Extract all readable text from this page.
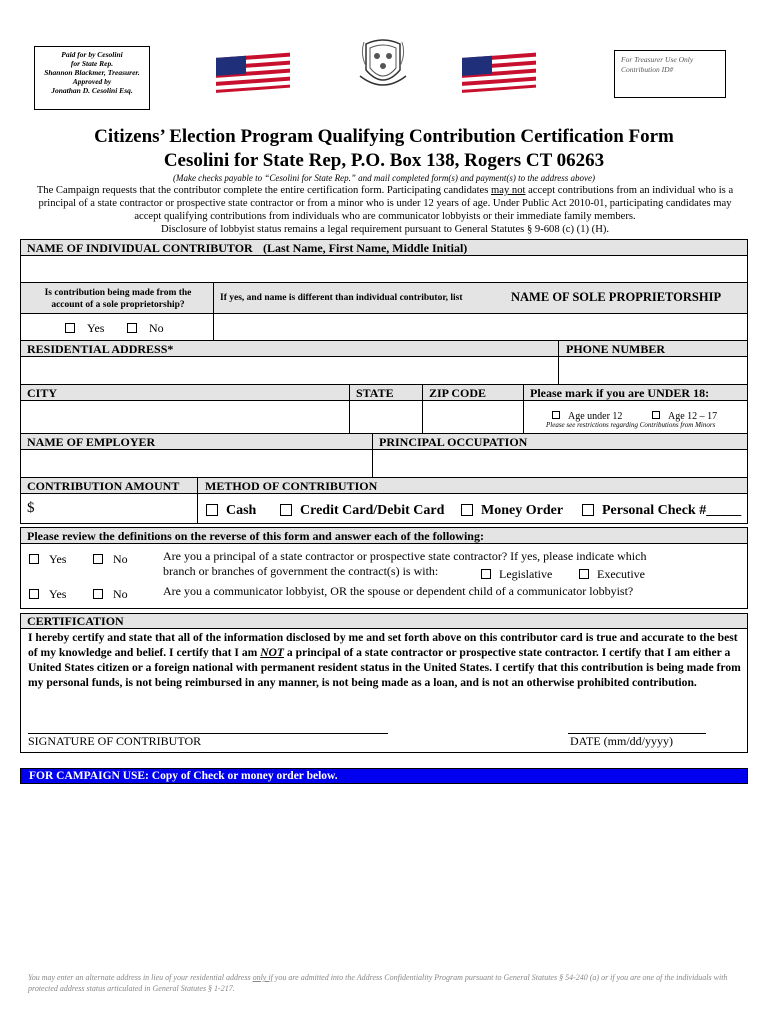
Paid for by Cesolini
for State Rep.
Shannon Blackmer, Treasurer.
Approved by
Jonathan D. Cesolini Esq.
For Treasurer Use Only
Contribution ID#
Citizens’ Election Program Qualifying Contribution Certification Form
Cesolini for State Rep, P.O. Box 138, Rogers CT 06263
(Make checks payable to “Cesolini for State Rep.” and mail completed form(s) and payment(s) to the address above)
The Campaign requests that the contributor complete the entire certification form. Participating candidates may not accept contributions from an individual who is a principal of a state contractor or prospective state contractor or from a minor who is under 12 years of age. Under Public Act 2010-01, participating candidates may accept qualifying contributions from individuals who are communicator lobbyists or their immediate family members.
Disclosure of lobbyist status remains a legal requirement pursuant to General Statutes § 9-608 (c) (1) (H).
NAME OF INDIVIDUAL CONTRIBUTOR (Last Name, First Name, Middle Initial)
Is contribution being made from the
account of a sole proprietorship?
If yes, and name is different than individual contributor, list	NAME OF SOLE PROPRIETORSHIP
Yes	No
RESIDENTIAL ADDRESS*	PHONE NUMBER
CITY	STATE	ZIP CODE	Please mark if you are UNDER 18:
Age under 12	Age 12 – 17
Please see restrictions regarding Contributions from Minors
NAME OF EMPLOYER	PRINCIPAL OCCUPATION
CONTRIBUTION AMOUNT METHOD OF CONTRIBUTION
$	Cash	Credit Card/Debit Card	Money Order	Personal Check #_____
Please review the definitions on the reverse of this form and answer each of the following:
Yes	No	Are you a principal of a state contractor or prospective state contractor? If yes, please indicate which
branch or branches of government the contract(s) is with:	Legislative	Executive
Yes	No	Are you a communicator lobbyist, OR the spouse or dependent child of a communicator lobbyist?
CERTIFICATION
I hereby certify and state that all of the information disclosed by me and set forth above on this contributor card is true and accurate to the best of my knowledge and belief. I certify that I am NOT a principal of a state contractor or prospective state contractor. I certify that I am either a United States citizen or a foreign national with permanent resident status in the United States. I certify that this contribution is being made from my personal funds, is not being reimbursed in any manner, is not being made as a loan, and is not an otherwise prohibited contribution.
SIGNATURE OF CONTRIBUTOR	DATE (mm/dd/yyyy)
FOR CAMPAIGN USE: Copy of Check or money order below.
You may enter an alternate address in lieu of your residential address only if you are admitted into the Address Confidentiality Program pursuant to General Statutes § 54-240 (a) or if you are one of the individuals with protected address status articulated in General Statutes § 1-217.
